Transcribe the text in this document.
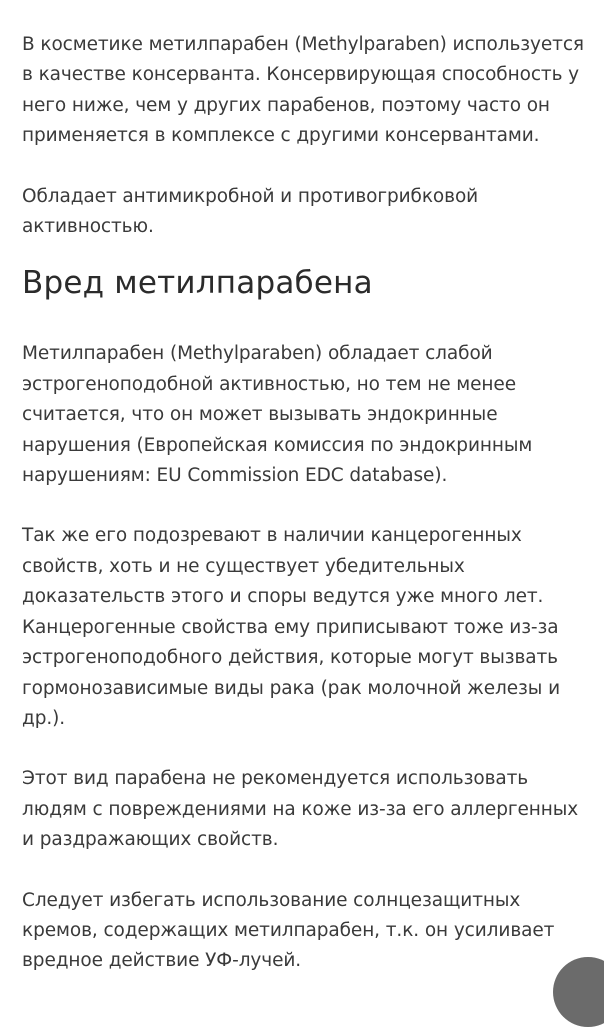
В косметике метилпарабен (Methylparaben) используется в качестве консерванта. Консервирующая способность у него ниже, чем у других парабенов, поэтому часто он применяется в комплексе с другими консервантами.

Обладает антимикробной и противогрибковой активностью.

Вред метилпарабена

Метилпарабен (Methylparaben) обладает слабой эстрогеноподобной активностью, но тем не менее считается, что он может вызывать эндокринные нарушения (Европейская комиссия по эндокринным нарушениям: EU Commission EDC database).

Так же его подозревают в наличии канцерогенных свойств, хоть и не существует убедительных доказательств этого и споры ведутся уже много лет. Канцерогенные свойства ему приписывают тоже из-за эстрогеноподобного действия, которые могут вызвать гормонозависимые виды рака (рак молочной железы и др.).

Этот вид парабена не рекомендуется использовать людям с повреждениями на коже из-за его аллергенных и раздражающих свойств.

Следует избегать использование солнцезащитных кремов, содержащих метилпарабен, т.к. он усиливает вредное действие УФ-лучей.
